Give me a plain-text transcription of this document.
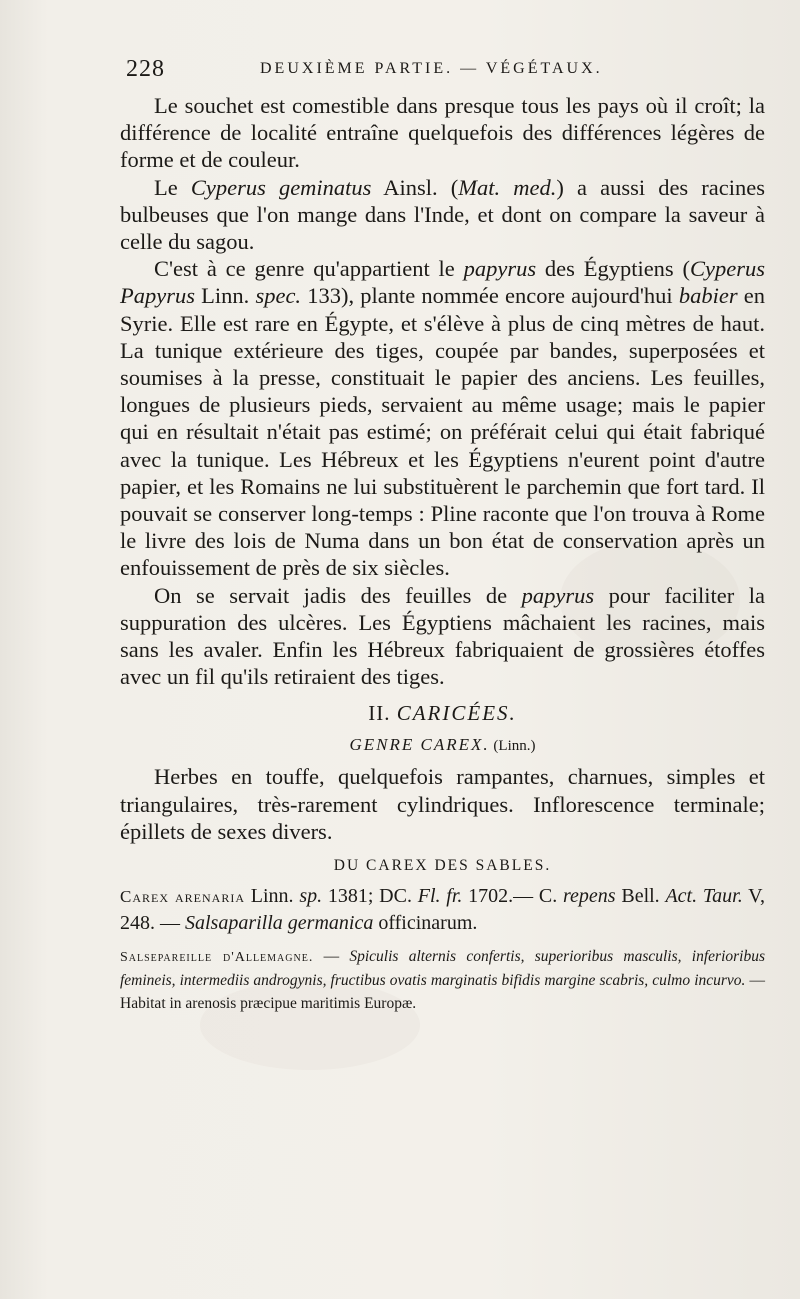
228	DEUXIÈME PARTIE. — VÉGÉTAUX.

Le souchet est comestible dans presque tous les pays où il croît; la différence de localité entraîne quelquefois des différences légères de forme et de couleur.

Le Cyperus geminatus Ainsl. (Mat. med.) a aussi des racines bulbeuses que l'on mange dans l'Inde, et dont on compare la saveur à celle du sagou.

C'est à ce genre qu'appartient le papyrus des Égyptiens (Cyperus Papyrus Linn. spec. 133), plante nommée encore aujourd'hui babier en Syrie. Elle est rare en Égypte, et s'élève à plus de cinq mètres de haut. La tunique extérieure des tiges, coupée par bandes, superposées et soumises à la presse, constituait le papier des anciens. Les feuilles, longues de plusieurs pieds, servaient au même usage; mais le papier qui en résultait n'était pas estimé; on préférait celui qui était fabriqué avec la tunique. Les Hébreux et les Égyptiens n'eurent point d'autre papier, et les Romains ne lui substituèrent le parchemin que fort tard. Il pouvait se conserver long-temps : Pline raconte que l'on trouva à Rome le livre des lois de Numa dans un bon état de conservation après un enfouissement de près de six siècles.

On se servait jadis des feuilles de papyrus pour faciliter la suppuration des ulcères. Les Égyptiens mâchaient les racines, mais sans les avaler. Enfin les Hébreux fabriquaient de grossières étoffes avec un fil qu'ils retiraient des tiges.

II. CARICÉES.

GENRE CAREX. (Linn.)

Herbes en touffe, quelquefois rampantes, charnues, simples et triangulaires, très-rarement cylindriques. Inflorescence terminale; épillets de sexes divers.

DU CAREX DES SABLES.

Carex arenaria Linn. sp. 1381; DC. Fl. fr. 1702.— C. repens Bell. Act. Taur. V, 248. — Salsaparilla germanica officinarum.

Salsepareille d'Allemagne. — Spiculis alternis confertis, superioribus masculis, inferioribus femineis, intermediis androgynis, fructibus ovatis marginatis bifidis margine scabris, culmo incurvo. — Habitat in arenosis præcipue maritimis Europæ.
